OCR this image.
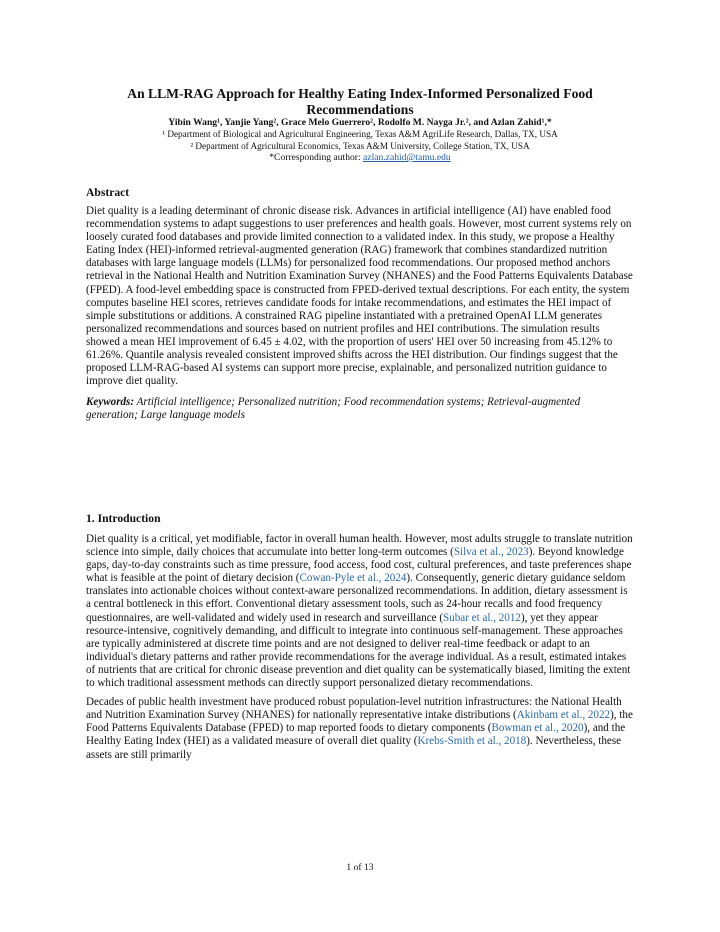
An LLM-RAG Approach for Healthy Eating Index-Informed Personalized Food
Recommendations
Yibin Wang¹, Yanjie Yang², Grace Melo Guerrero², Rodolfo M. Nayga Jr.², and Azlan Zahid¹,*
¹ Department of Biological and Agricultural Engineering, Texas A&M AgriLife Research, Dallas, TX, USA
² Department of Agricultural Economics, Texas A&M University, College Station, TX, USA
*Corresponding author: azlan.zahid@tamu.edu
Abstract
Diet quality is a leading determinant of chronic disease risk. Advances in artificial intelligence (AI) have enabled food recommendation systems to adapt suggestions to user preferences and health goals. However, most current systems rely on loosely curated food databases and provide limited connection to a validated index. In this study, we propose a Healthy Eating Index (HEI)-informed retrieval-augmented generation (RAG) framework that combines standardized nutrition databases with large language models (LLMs) for personalized food recommendations. Our proposed method anchors retrieval in the National Health and Nutrition Examination Survey (NHANES) and the Food Patterns Equivalents Database (FPED). A food-level embedding space is constructed from FPED-derived textual descriptions. For each entity, the system computes baseline HEI scores, retrieves candidate foods for intake recommendations, and estimates the HEI impact of simple substitutions or additions. A constrained RAG pipeline instantiated with a pretrained OpenAI LLM generates personalized recommendations and sources based on nutrient profiles and HEI contributions. The simulation results showed a mean HEI improvement of 6.45 ± 4.02, with the proportion of users' HEI over 50 increasing from 45.12% to 61.26%. Quantile analysis revealed consistent improved shifts across the HEI distribution. Our findings suggest that the proposed LLM-RAG-based AI systems can support more precise, explainable, and personalized nutrition guidance to improve diet quality.
Keywords: Artificial intelligence; Personalized nutrition; Food recommendation systems; Retrieval-augmented generation; Large language models
1. Introduction
Diet quality is a critical, yet modifiable, factor in overall human health. However, most adults struggle to translate nutrition science into simple, daily choices that accumulate into better long-term outcomes (Silva et al., 2023). Beyond knowledge gaps, day-to-day constraints such as time pressure, food access, food cost, cultural preferences, and taste preferences shape what is feasible at the point of dietary decision (Cowan-Pyle et al., 2024). Consequently, generic dietary guidance seldom translates into actionable choices without context-aware personalized recommendations. In addition, dietary assessment is a central bottleneck in this effort. Conventional dietary assessment tools, such as 24-hour recalls and food frequency questionnaires, are well-validated and widely used in research and surveillance (Subar et al., 2012), yet they appear resource-intensive, cognitively demanding, and difficult to integrate into continuous self-management. These approaches are typically administered at discrete time points and are not designed to deliver real-time feedback or adapt to an individual's dietary patterns and rather provide recommendations for the average individual. As a result, estimated intakes of nutrients that are critical for chronic disease prevention and diet quality can be systematically biased, limiting the extent to which traditional assessment methods can directly support personalized dietary recommendations.
Decades of public health investment have produced robust population-level nutrition infrastructures: the National Health and Nutrition Examination Survey (NHANES) for nationally representative intake distributions (Akinbam et al., 2022), the Food Patterns Equivalents Database (FPED) to map reported foods to dietary components (Bowman et al., 2020), and the Healthy Eating Index (HEI) as a validated measure of overall diet quality (Krebs-Smith et al., 2018). Nevertheless, these assets are still primarily
1 of 13
